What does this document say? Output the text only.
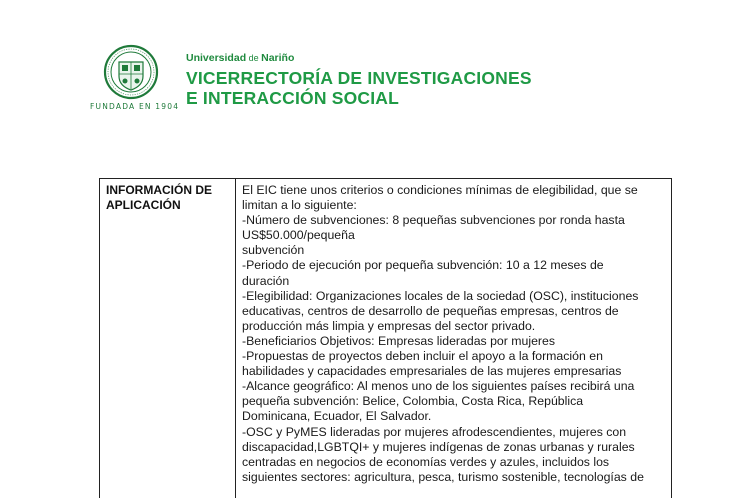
FUNDADA EN 1904
Universidad de Nariño
VICERRECTORÍA DE INVESTIGACIONES
E INTERACCIÓN SOCIAL
INFORMACIÓN DE APLICACIÓN
El EIC tiene unos criterios o condiciones mínimas de elegibilidad, que se
limitan a lo siguiente:
-Número de subvenciones: 8 pequeñas subvenciones por ronda hasta
US$50.000/pequeña
subvención
-Periodo de ejecución por pequeña subvención: 10 a 12 meses de
duración
-Elegibilidad: Organizaciones locales de la sociedad (OSC), instituciones
educativas, centros de desarrollo de pequeñas empresas, centros de
producción más limpia y empresas del sector privado.
-Beneficiarios Objetivos: Empresas lideradas por mujeres
-Propuestas de proyectos deben incluir el apoyo a la formación en
habilidades y capacidades empresariales de las mujeres empresarias
-Alcance geográfico: Al menos uno de los siguientes países recibirá una
pequeña subvención: Belice, Colombia, Costa Rica, República
Dominicana, Ecuador, El Salvador.
-OSC y PyMES lideradas por mujeres afrodescendientes, mujeres con
discapacidad,LGBTQI+ y mujeres indígenas de zonas urbanas y rurales
centradas en negocios de economías verdes y azules, incluidos los
siguientes sectores: agricultura, pesca, turismo sostenible, tecnologías de
